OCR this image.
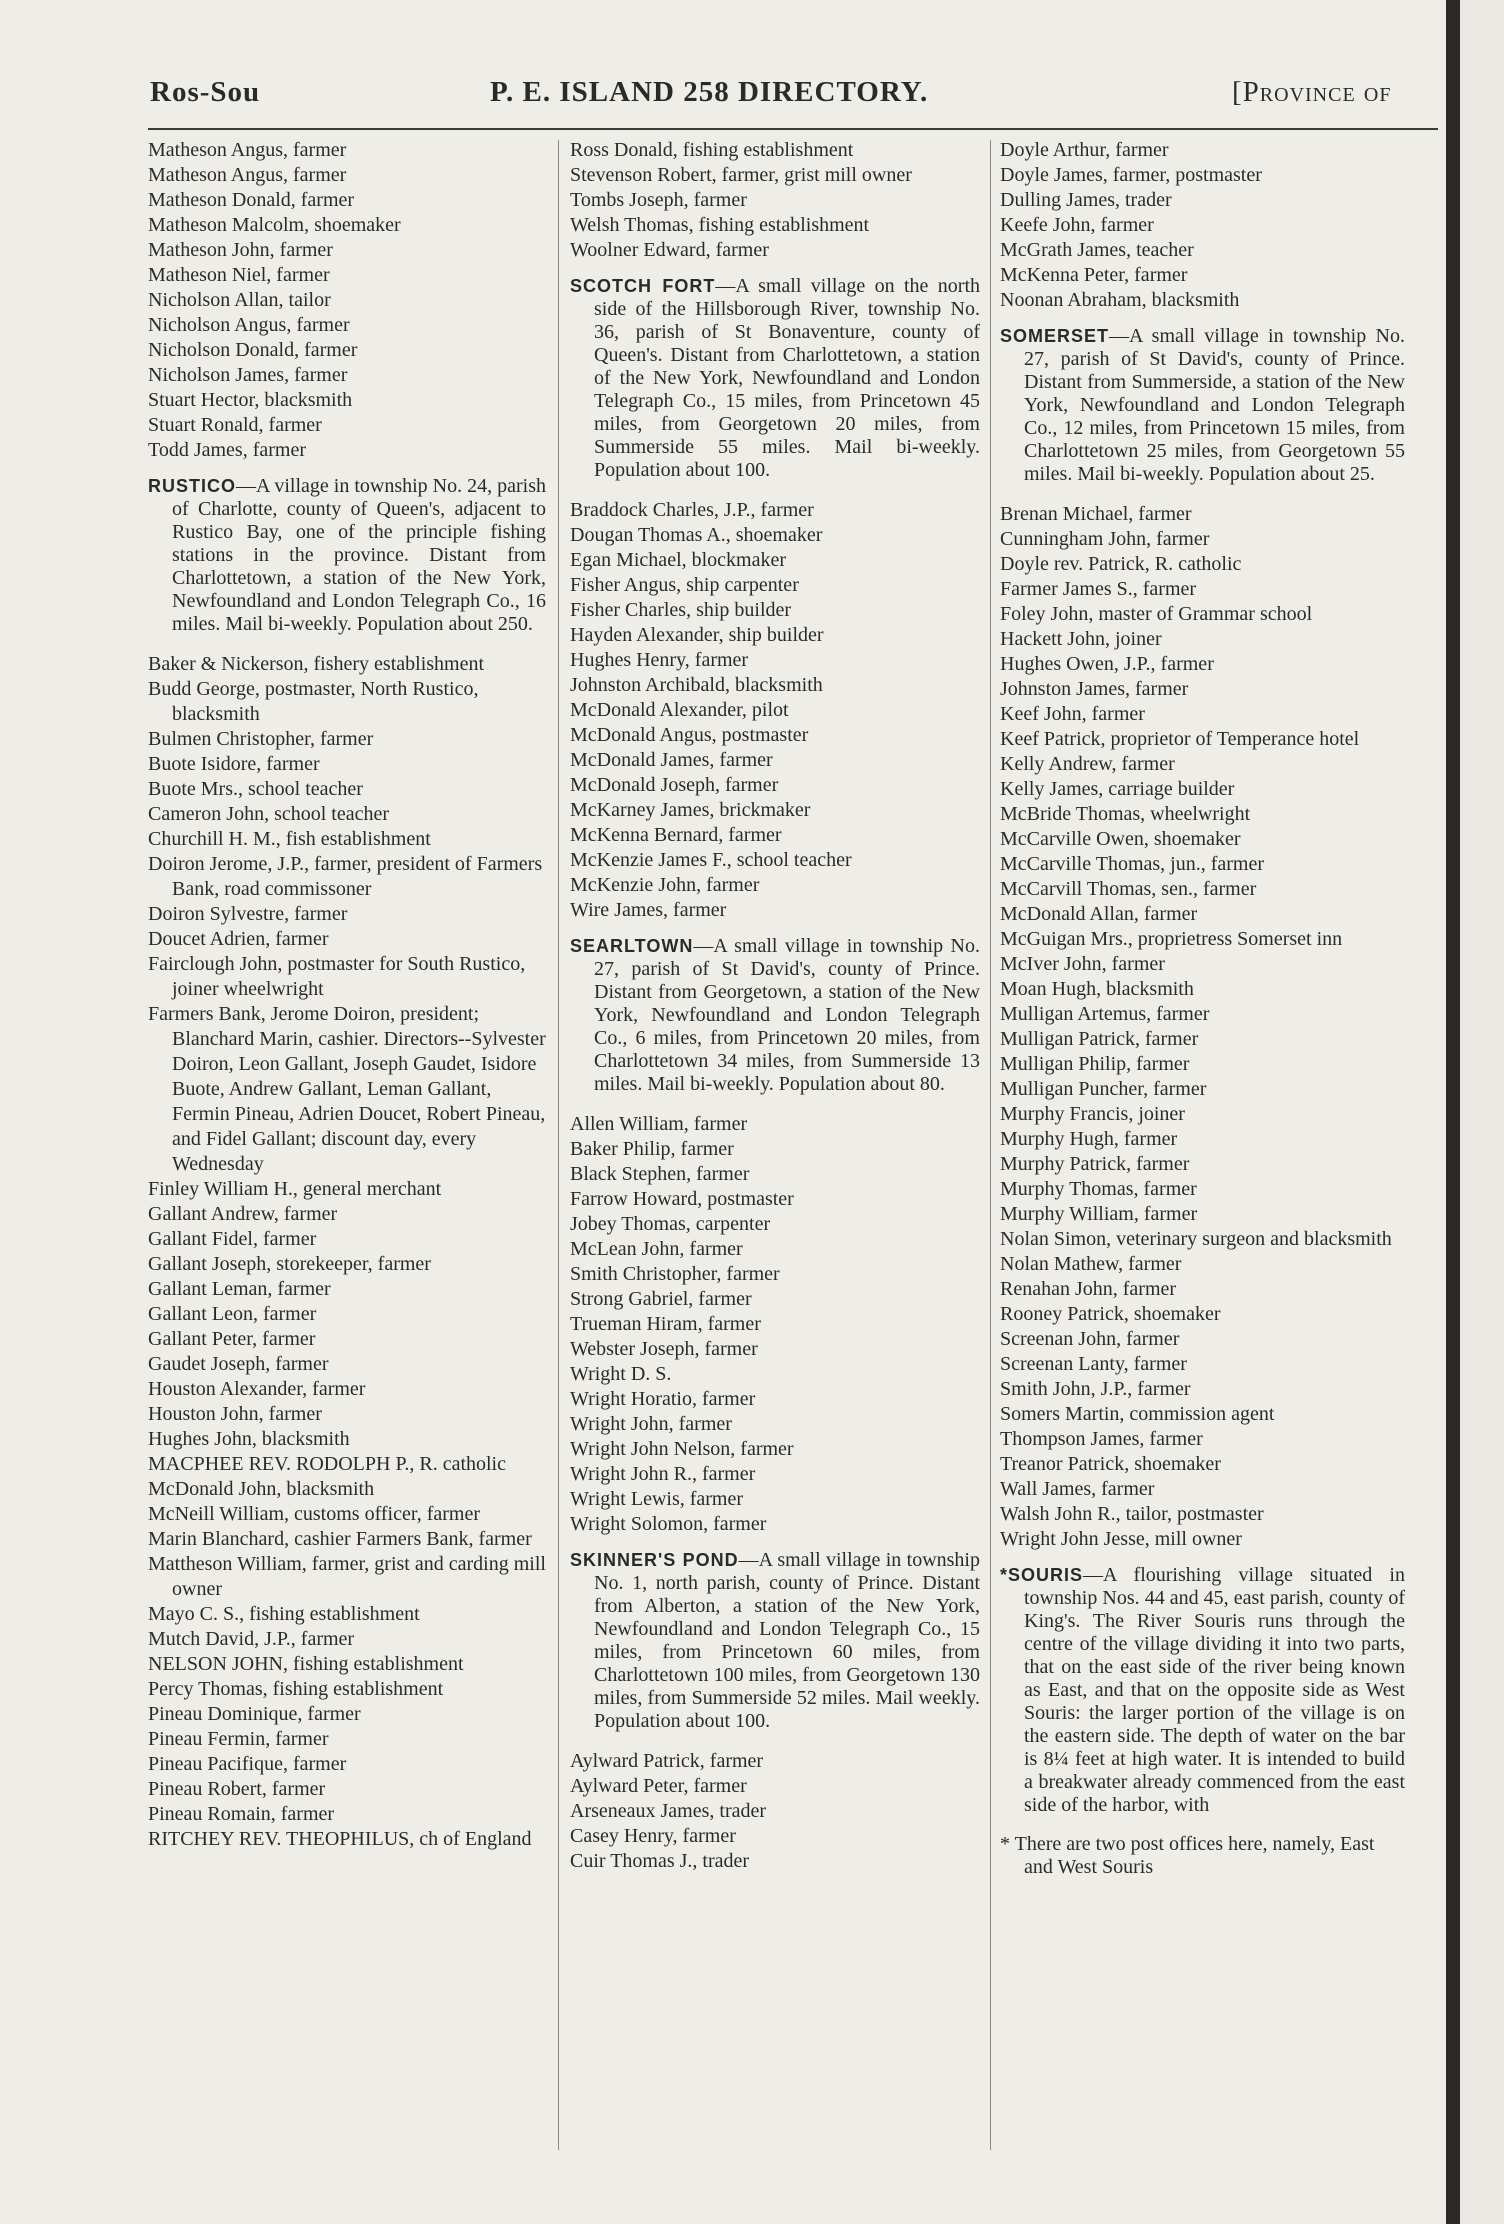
Ros-Sou	P. E. ISLAND 258 DIRECTORY.	[Province of
Matheson Angus, farmer
Matheson Angus, farmer
Matheson Donald, farmer
Matheson Malcolm, shoemaker
Matheson John, farmer
Matheson Niel, farmer
Nicholson Allan, tailor
Nicholson Angus, farmer
Nicholson Donald, farmer
Nicholson James, farmer
Stuart Hector, blacksmith
Stuart Ronald, farmer
Todd James, farmer
RUSTICO—A village in township No. 24, parish of Charlotte, county of Queen's, adjacent to Rustico Bay, one of the principle fishing stations in the province. Distant from Charlottetown, a station of the New York, Newfoundland and London Telegraph Co., 16 miles. Mail bi-weekly. Population about 250.
Baker & Nickerson, fishery establishment
Budd George, postmaster, North Rustico, blacksmith
Bulmen Christopher, farmer
Buote Isidore, farmer
Buote Mrs., school teacher
Cameron John, school teacher
Churchill H. M., fish establishment
Doiron Jerome, J.P., farmer, president of Farmers Bank, road commissoner
Doiron Sylvestre, farmer
Doucet Adrien, farmer
Fairclough John, postmaster for South Rustico, joiner wheelwright
Farmers Bank, Jerome Doiron, president; Blanchard Marin, cashier. Directors--Sylvester Doiron, Leon Gallant, Joseph Gaudet, Isidore Buote, Andrew Gallant, Leman Gallant, Fermin Pineau, Adrien Doucet, Robert Pineau, and Fidel Gallant; discount day, every Wednesday
Finley William H., general merchant
Gallant Andrew, farmer
Gallant Fidel, farmer
Gallant Joseph, storekeeper, farmer
Gallant Leman, farmer
Gallant Leon, farmer
Gallant Peter, farmer
Gaudet Joseph, farmer
Houston Alexander, farmer
Houston John, farmer
Hughes John, blacksmith
MACPHEE REV. RODOLPH P., R. catholic
McDonald John, blacksmith
McNeill William, customs officer, farmer
Marin Blanchard, cashier Farmers Bank, farmer
Mattheson William, farmer, grist and carding mill owner
Mayo C. S., fishing establishment
Mutch David, J.P., farmer
NELSON JOHN, fishing establishment
Percy Thomas, fishing establishment
Pineau Dominique, farmer
Pineau Fermin, farmer
Pineau Pacifique, farmer
Pineau Robert, farmer
Pineau Romain, farmer
RITCHEY REV. THEOPHILUS, ch of England
Ross Donald, fishing establishment
Stevenson Robert, farmer, grist mill owner
Tombs Joseph, farmer
Welsh Thomas, fishing establishment
Woolner Edward, farmer
SCOTCH FORT—A small village on the north side of the Hillsborough River, township No. 36, parish of St Bonaventure, county of Queen's. Distant from Charlottetown, a station of the New York, Newfoundland and London Telegraph Co., 15 miles, from Princetown 45 miles, from Georgetown 20 miles, from Summerside 55 miles. Mail bi-weekly. Population about 100.
Braddock Charles, J.P., farmer
Dougan Thomas A., shoemaker
Egan Michael, blockmaker
Fisher Angus, ship carpenter
Fisher Charles, ship builder
Hayden Alexander, ship builder
Hughes Henry, farmer
Johnston Archibald, blacksmith
McDonald Alexander, pilot
McDonald Angus, postmaster
McDonald James, farmer
McDonald Joseph, farmer
McKarney James, brickmaker
McKenna Bernard, farmer
McKenzie James F., school teacher
McKenzie John, farmer
Wire James, farmer
SEARLTOWN—A small village in township No. 27, parish of St David's, county of Prince. Distant from Georgetown, a station of the New York, Newfoundland and London Telegraph Co., 6 miles, from Princetown 20 miles, from Charlottetown 34 miles, from Summerside 13 miles. Mail bi-weekly. Population about 80.
Allen William, farmer
Baker Philip, farmer
Black Stephen, farmer
Farrow Howard, postmaster
Jobey Thomas, carpenter
McLean John, farmer
Smith Christopher, farmer
Strong Gabriel, farmer
Trueman Hiram, farmer
Webster Joseph, farmer
Wright D. S.
Wright Horatio, farmer
Wright John, farmer
Wright John Nelson, farmer
Wright John R., farmer
Wright Lewis, farmer
Wright Solomon, farmer
SKINNER'S POND—A small village in township No. 1, north parish, county of Prince. Distant from Alberton, a station of the New York, Newfoundland and London Telegraph Co., 15 miles, from Princetown 60 miles, from Charlottetown 100 miles, from Georgetown 130 miles, from Summerside 52 miles. Mail weekly. Population about 100.
Aylward Patrick, farmer
Aylward Peter, farmer
Arseneaux James, trader
Casey Henry, farmer
Cuir Thomas J., trader
Doyle Arthur, farmer
Doyle James, farmer, postmaster
Dulling James, trader
Keefe John, farmer
McGrath James, teacher
McKenna Peter, farmer
Noonan Abraham, blacksmith
SOMERSET—A small village in township No. 27, parish of St David's, county of Prince. Distant from Summerside, a station of the New York, Newfoundland and London Telegraph Co., 12 miles, from Princetown 15 miles, from Charlottetown 25 miles, from Georgetown 55 miles. Mail bi-weekly. Population about 25.
Brenan Michael, farmer
Cunningham John, farmer
Doyle rev. Patrick, R. catholic
Farmer James S., farmer
Foley John, master of Grammar school
Hackett John, joiner
Hughes Owen, J.P., farmer
Johnston James, farmer
Keef John, farmer
Keef Patrick, proprietor of Temperance hotel
Kelly Andrew, farmer
Kelly James, carriage builder
McBride Thomas, wheelwright
McCarville Owen, shoemaker
McCarville Thomas, jun., farmer
McCarvill Thomas, sen., farmer
McDonald Allan, farmer
McGuigan Mrs., proprietress Somerset inn
McIver John, farmer
Moan Hugh, blacksmith
Mulligan Artemus, farmer
Mulligan Patrick, farmer
Mulligan Philip, farmer
Mulligan Puncher, farmer
Murphy Francis, joiner
Murphy Hugh, farmer
Murphy Patrick, farmer
Murphy Thomas, farmer
Murphy William, farmer
Nolan Simon, veterinary surgeon and blacksmith
Nolan Mathew, farmer
Renahan John, farmer
Rooney Patrick, shoemaker
Screenan John, farmer
Screenan Lanty, farmer
Smith John, J.P., farmer
Somers Martin, commission agent
Thompson James, farmer
Treanor Patrick, shoemaker
Wall James, farmer
Walsh John R., tailor, postmaster
Wright John Jesse, mill owner
*SOURIS—A flourishing village situated in township Nos. 44 and 45, east parish, county of King's. The River Souris runs through the centre of the village dividing it into two parts, that on the east side of the river being known as East, and that on the opposite side as West Souris: the larger portion of the village is on the eastern side. The depth of water on the bar is 8¼ feet at high water. It is intended to build a breakwater already commenced from the east side of the harbor, with
* There are two post offices here, namely, East and West Souris
